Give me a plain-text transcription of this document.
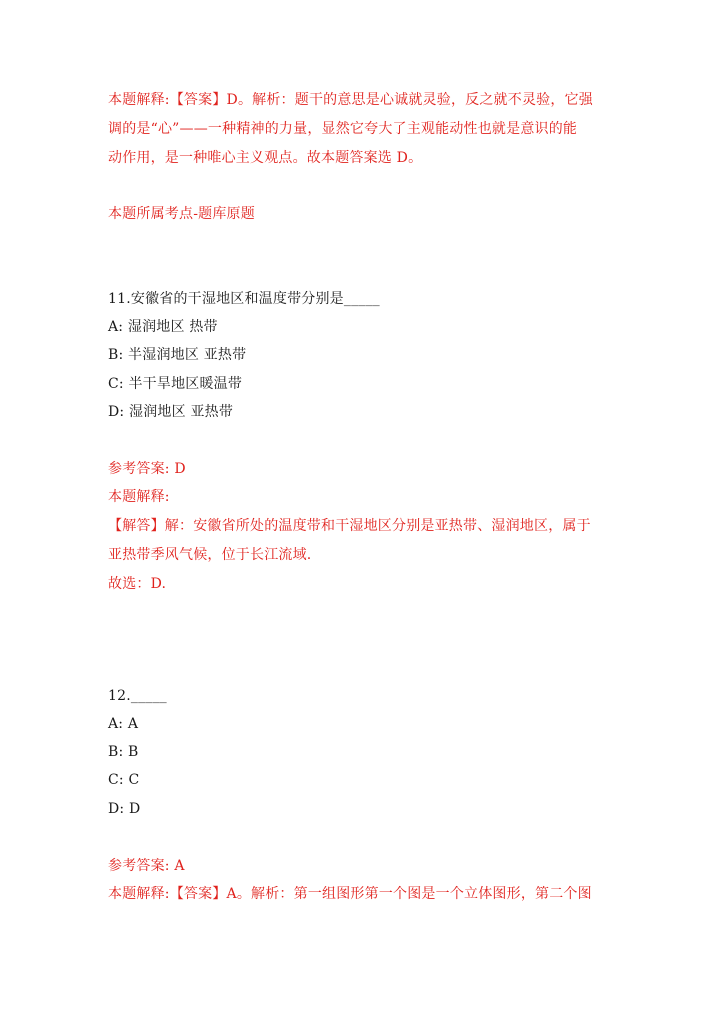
本题解释:【答案】D。解析：题干的意思是心诚就灵验，反之就不灵验，它强
调的是“心”——一种精神的力量，显然它夸大了主观能动性也就是意识的能
动作用，是一种唯心主义观点。故本题答案选 D。
本题所属考点-题库原题
11.安徽省的干湿地区和温度带分别是_____
A: 湿润地区 热带
B: 半湿润地区 亚热带
C: 半干旱地区暖温带
D: 湿润地区 亚热带
参考答案: D
本题解释:
【解答】解：安徽省所处的温度带和干湿地区分别是亚热带、湿润地区，属于
亚热带季风气候，位于长江流域.
故选：D.
12._____
A: A
B: B
C: C
D: D
参考答案: A
本题解释:【答案】A。解析：第一组图形第一个图是一个立体图形，第二个图
